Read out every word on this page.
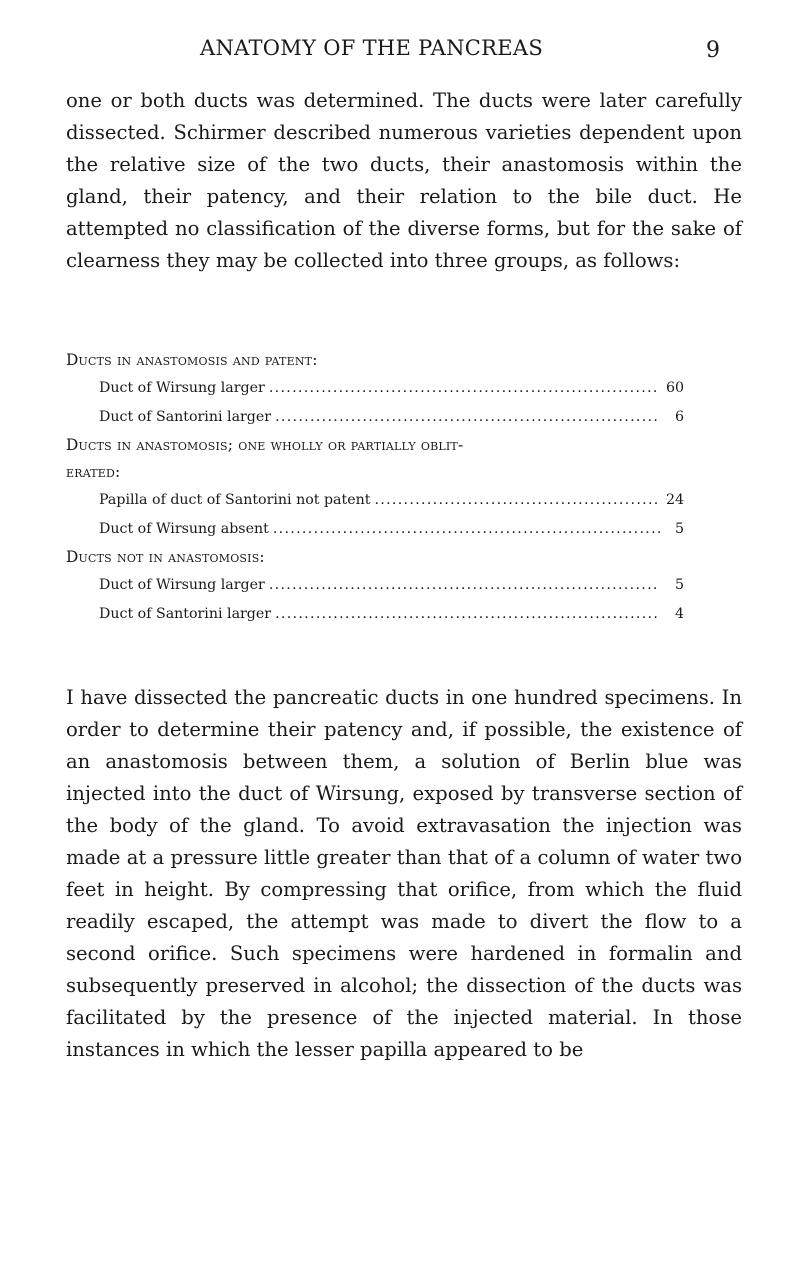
ANATOMY OF THE PANCREAS	9

one or both ducts was determined. The ducts were later carefully dissected. Schirmer described numerous varieties dependent upon the relative size of the two ducts, their anastomosis within the gland, their patency, and their relation to the bile duct. He attempted no classification of the diverse forms, but for the sake of clearness they may be collected into three groups, as follows:

Ducts in anastomosis and patent:
Duct of Wirsung larger . . .	60
Duct of Santorini larger . . .	6
Ducts in anastomosis; one wholly or partially oblit-
erated:
Papilla of duct of Santorini not patent . . .	24
Duct of Wirsung absent . . .	5
Ducts not in anastomosis:
Duct of Wirsung larger . . .	5
Duct of Santorini larger . . .	4

I have dissected the pancreatic ducts in one hundred specimens. In order to determine their patency and, if possible, the existence of an anastomosis between them, a solution of Berlin blue was injected into the duct of Wirsung, exposed by transverse section of the body of the gland. To avoid extravasation the injection was made at a pressure little greater than that of a column of water two feet in height. By compressing that orifice, from which the fluid readily escaped, the attempt was made to divert the flow to a second orifice. Such specimens were hardened in formalin and subsequently preserved in alcohol; the dissection of the ducts was facilitated by the presence of the injected material. In those instances in which the lesser papilla appeared to be
